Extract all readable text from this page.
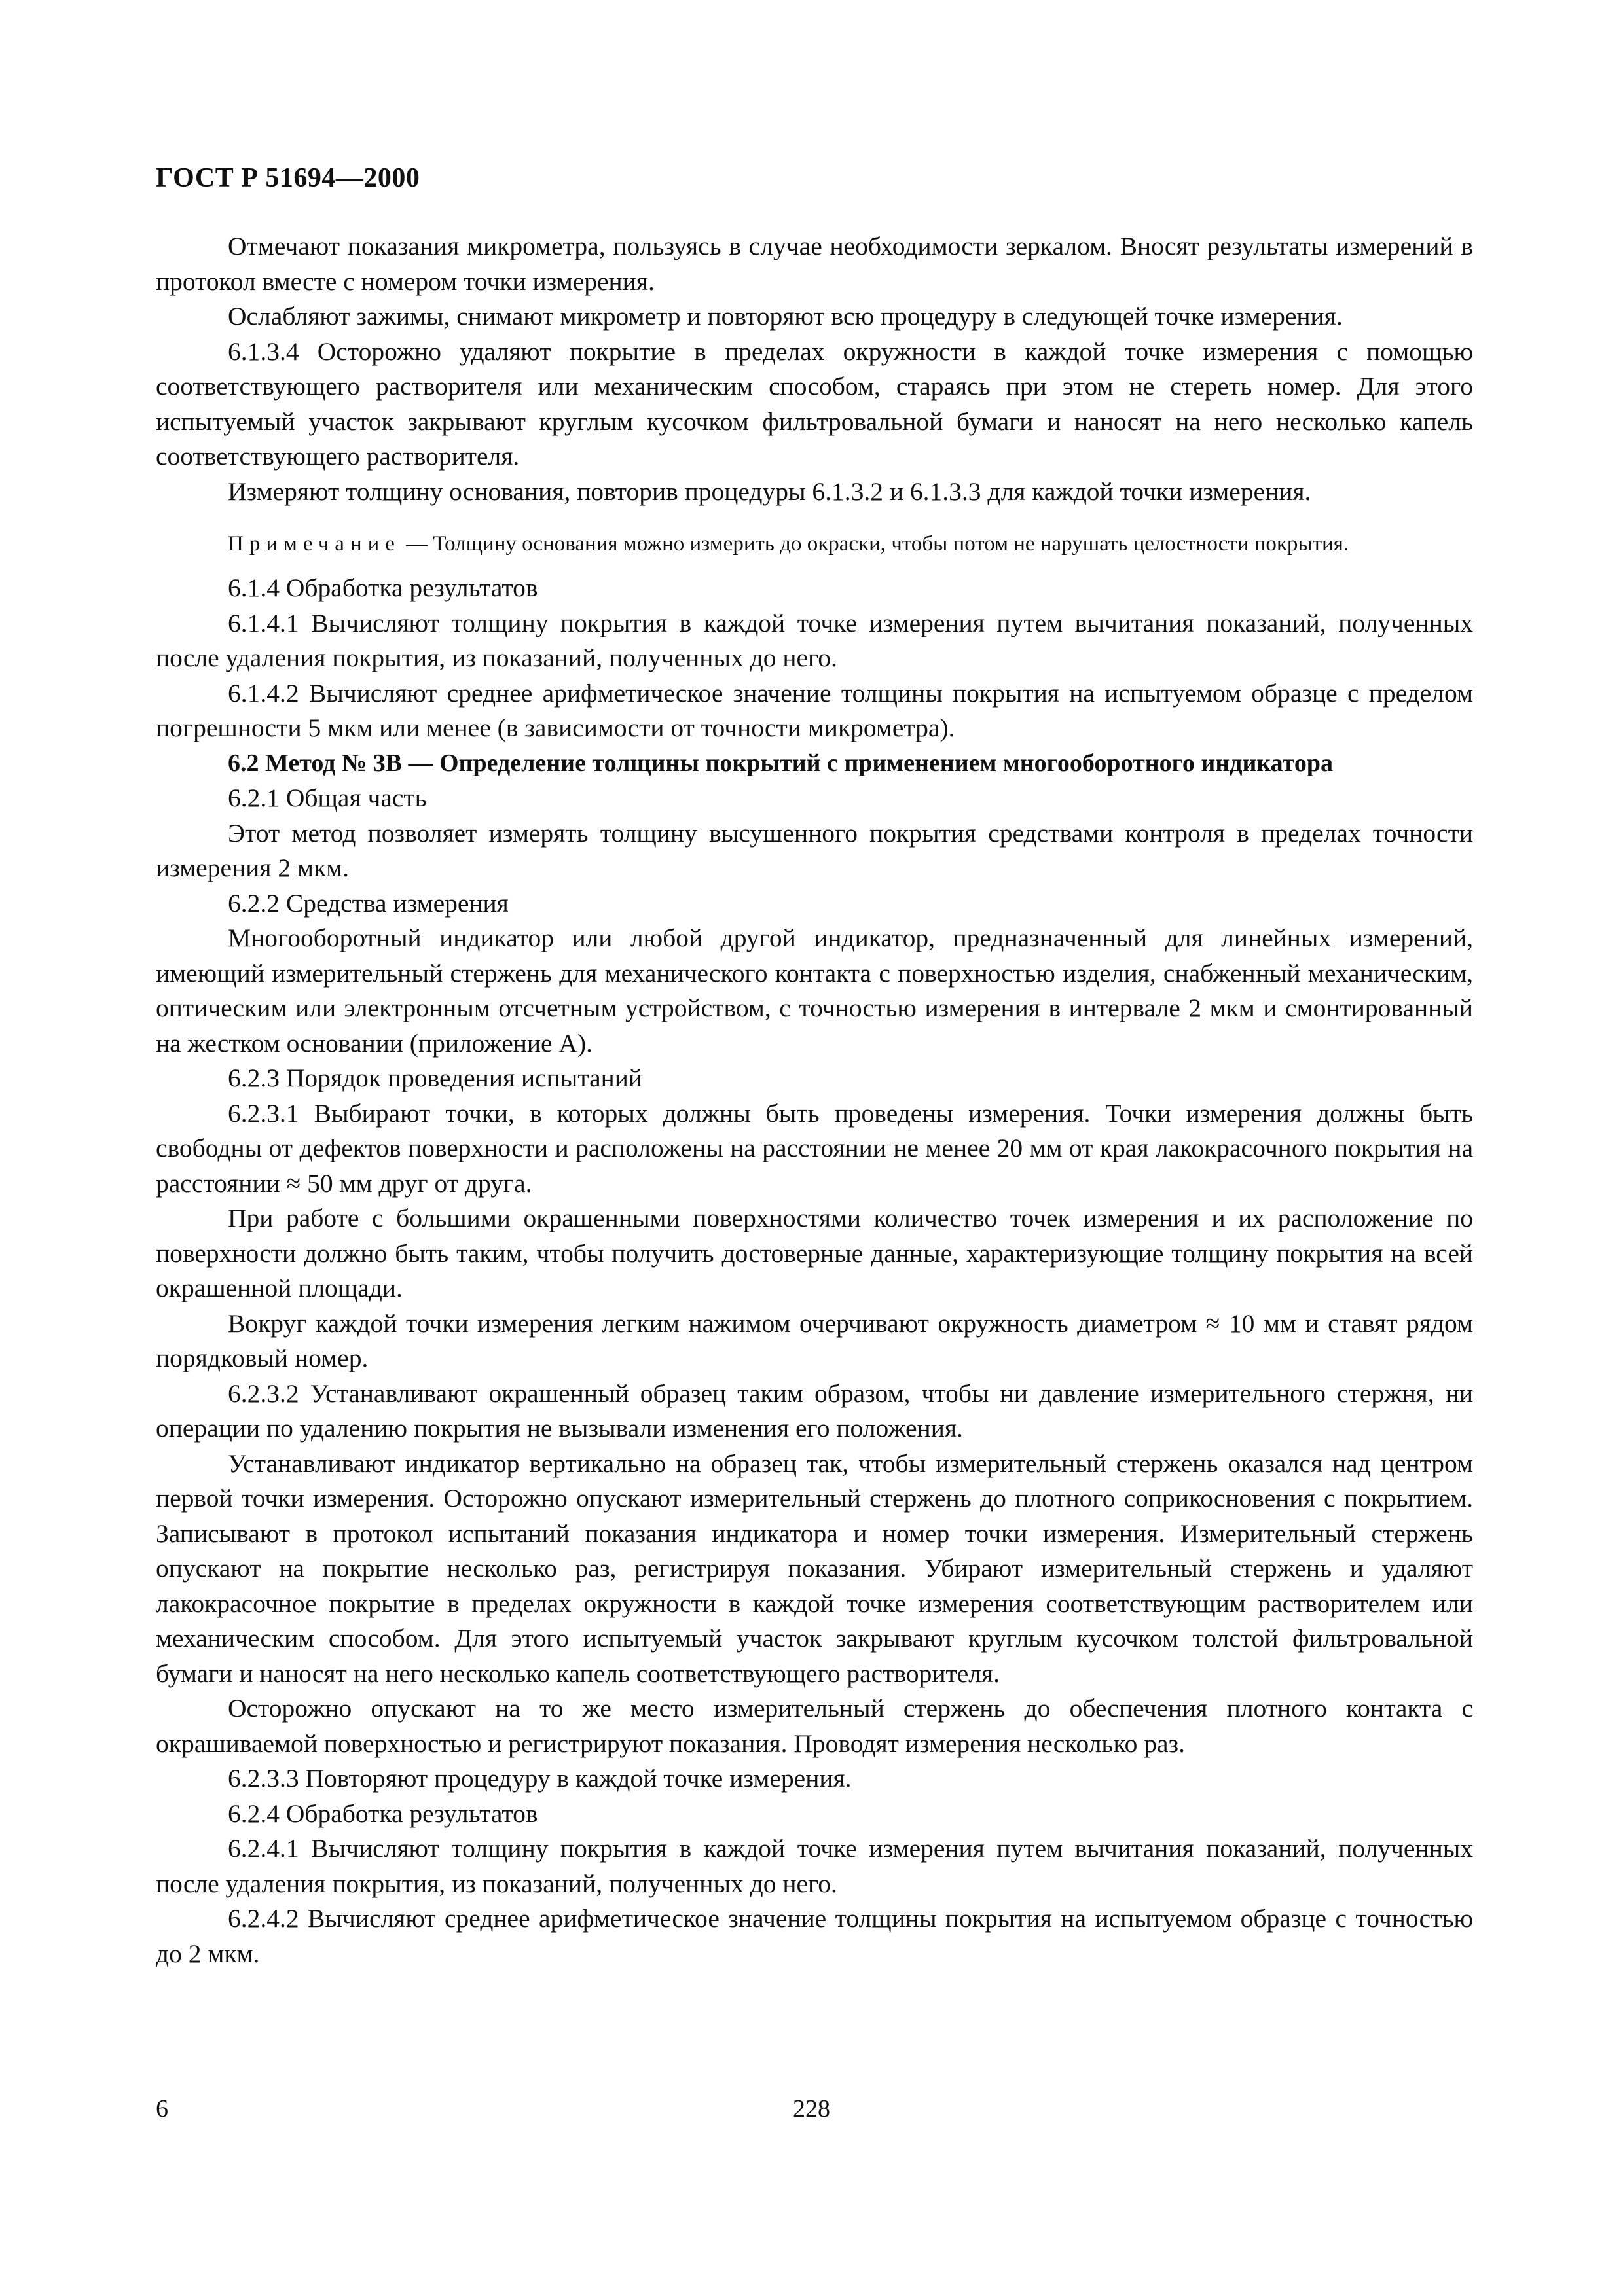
ГОСТ Р 51694—2000

Отмечают показания микрометра, пользуясь в случае необходимости зеркалом. Вносят результаты измерений в протокол вместе с номером точки измерения.

Ослабляют зажимы, снимают микрометр и повторяют всю процедуру в следующей точке измерения.

6.1.3.4 Осторожно удаляют покрытие в пределах окружности в каждой точке измерения с помощью соответствующего растворителя или механическим способом, стараясь при этом не стереть номер. Для этого испытуемый участок закрывают круглым кусочком фильтровальной бумаги и наносят на него несколько капель соответствующего растворителя.

Измеряют толщину основания, повторив процедуры 6.1.3.2 и 6.1.3.3 для каждой точки измерения.

Примечание — Толщину основания можно измерить до окраски, чтобы потом не нарушать целостности покрытия.

6.1.4 Обработка результатов

6.1.4.1 Вычисляют толщину покрытия в каждой точке измерения путем вычитания показаний, полученных после удаления покрытия, из показаний, полученных до него.

6.1.4.2 Вычисляют среднее арифметическое значение толщины покрытия на испытуемом образце с пределом погрешности 5 мкм или менее (в зависимости от точности микрометра).

6.2 Метод № 3В — Определение толщины покрытий с применением многооборотного индикатора

6.2.1 Общая часть

Этот метод позволяет измерять толщину высушенного покрытия средствами контроля в пределах точности измерения 2 мкм.

6.2.2 Средства измерения

Многооборотный индикатор или любой другой индикатор, предназначенный для линейных измерений, имеющий измерительный стержень для механического контакта с поверхностью изделия, снабженный механическим, оптическим или электронным отсчетным устройством, с точностью измерения в интервале 2 мкм и смонтированный на жестком основании (приложение А).

6.2.3 Порядок проведения испытаний

6.2.3.1 Выбирают точки, в которых должны быть проведены измерения. Точки измерения должны быть свободны от дефектов поверхности и расположены на расстоянии не менее 20 мм от края лакокрасочного покрытия на расстоянии ≈ 50 мм друг от друга.

При работе с большими окрашенными поверхностями количество точек измерения и их расположение по поверхности должно быть таким, чтобы получить достоверные данные, характеризующие толщину покрытия на всей окрашенной площади.

Вокруг каждой точки измерения легким нажимом очерчивают окружность диаметром ≈ 10 мм и ставят рядом порядковый номер.

6.2.3.2 Устанавливают окрашенный образец таким образом, чтобы ни давление измерительного стержня, ни операции по удалению покрытия не вызывали изменения его положения.

Устанавливают индикатор вертикально на образец так, чтобы измерительный стержень оказался над центром первой точки измерения. Осторожно опускают измерительный стержень до плотного соприкосновения с покрытием. Записывают в протокол испытаний показания индикатора и номер точки измерения. Измерительный стержень опускают на покрытие несколько раз, регистрируя показания. Убирают измерительный стержень и удаляют лакокрасочное покрытие в пределах окружности в каждой точке измерения соответствующим растворителем или механическим способом. Для этого испытуемый участок закрывают круглым кусочком толстой фильтровальной бумаги и наносят на него несколько капель соответствующего растворителя.

Осторожно опускают на то же место измерительный стержень до обеспечения плотного контакта с окрашиваемой поверхностью и регистрируют показания. Проводят измерения несколько раз.

6.2.3.3 Повторяют процедуру в каждой точке измерения.

6.2.4 Обработка результатов

6.2.4.1 Вычисляют толщину покрытия в каждой точке измерения путем вычитания показаний, полученных после удаления покрытия, из показаний, полученных до него.

6.2.4.2 Вычисляют среднее арифметическое значение толщины покрытия на испытуемом образце с точностью до 2 мкм.

6	228
